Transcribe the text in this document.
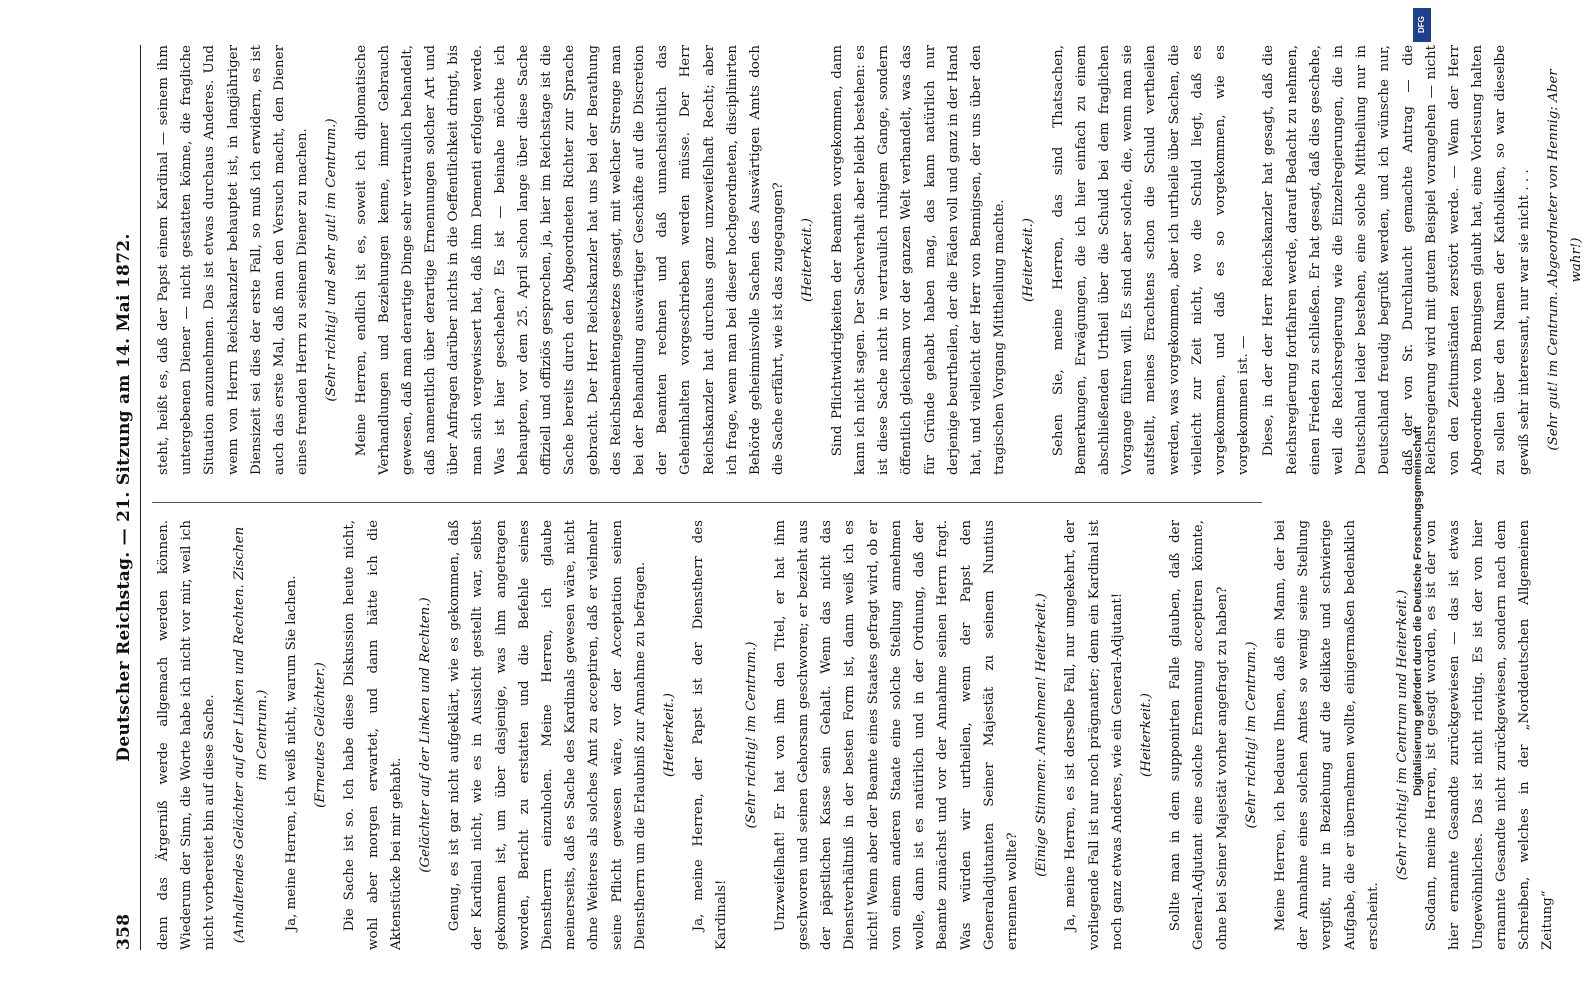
358
Deutscher Reichstag. — 21. Sitzung am 14. Mai 1872. denn das Ärgerniß werde allgemach werden können. Wiederum der Sinn, die Worte habe ich nicht vor mir, weil ich nicht vorbereitet bin auf diese Sache.	(Anhaltendes Gelächter auf der Linken und Rechten. Zischen im Centrum.)	Ja, meine Herren, ich weiß nicht, warum Sie lachen.	(Erneutes Gelächter.)	Die Sache ist so. Ich habe diese Diskussion heute nicht, wohl aber morgen erwartet, und dann hätte ich die Aktenstücke bei mir gehabt.	(Gelächter auf der Linken und Rechten.)	Genug, es ist gar nicht aufgeklärt, wie es gekommen, daß der Kardinal nicht, wie es in Aussicht gestellt war, selbst gekommen ist, um über dasjenige, was ihm angetragen worden, Bericht zu erstatten und die Befehle seines Dienstherrn einzuholen. Meine Herren, ich glaube meinerseits, daß es Sache des Kardinals gewesen wäre, nicht ohne Weiteres als solches Amt zu acceptiren, daß er vielmehr seine Pflicht gewesen wäre, vor der Acceptation seinen Dienstherrn um die Erlaubniß zur Annahme zu befragen.	(Heiterkeit.)	Ja, meine Herren, der Papst ist der Dienstherr des Kardinals!

(Sehr richtig! im Centrum.)	Unzweifelhaft! Er hat von ihm den Titel, er hat ihm geschworen und seinen Gehorsam geschworen; er bezieht aus der päpstlichen Kasse sein Gehalt. Wenn das nicht das Dienstverhältniß in der besten Form ist, dann weiß ich es nicht! Wenn aber der Beamte eines Staates gefragt wird, ob er von einem anderen Staate eine solche Stellung annehmen wolle, dann ist es natürlich und in der Ordnung, daß der Beamte zunächst und vor der Annahme seinen Herrn fragt. Was würden wir urtheilen, wenn der Papst den Generaladjutanten Seiner Majestät zu seinem Nuntius ernennen wollte?

(Einige Stimmen: Annehmen! Heiterkeit.)	Ja, meine Herren, es ist derselbe Fall, nur umgekehrt, der vorliegende Fall ist nur noch prägnanter; denn ein Kardinal ist noch ganz etwas Anderes, wie ein General-Adjutant!	(Heiterkeit.)	Sollte man in dem supponirten Falle glauben, daß der General-Adjutant eine solche Ernennung acceptiren könnte, ohne bei Seiner Majestät vorher angefragt zu haben?	(Sehr richtig! im Centrum.)	Meine Herren, ich bedaure Ihnen, daß ein Mann, der bei der Annahme eines solchen Amtes so wenig seine Stellung vergißt, nur in Beziehung auf die delikate und schwierige Aufgabe, die er übernehmen wollte, einigermaßen bedenklich erscheint.

(Sehr richtig! im Centrum und Heiterkeit.)	Sodann, meine Herren, ist gesagt worden, es ist der von hier ernannte Gesandte zurückgewiesen — das ist etwas Ungewöhnliches. Das ist nicht richtig. Es ist der von hier ernannte Gesandte nicht zurückgewiesen, sondern nach dem Schreiben, welches in der „Norddeutschen Allgemeinen Zeitung“

steht, heißt es, daß der Papst einem Kardinal — seinem ihm untergebenen Diener — nicht gestatten könne, die fragliche Situation anzunehmen. Das ist etwas durchaus Anderes. Und wenn von Herrn Reichskanzler behauptet ist, in langjähriger Diensizeit sei dies der erste Fall, so muß ich erwidern, es ist auch das erste Mal, daß man den Versuch macht, den Diener eines fremden Herrn zu seinem Diener zu machen.	(Sehr richtig! und sehr gut! im Centrum.)	Meine Herren, endlich ist es, soweit ich diplomatische Verhandlungen und Beziehungen kenne, immer Gebrauch gewesen, daß man derartige Dinge sehr vertraulich behandelt, daß namentlich über derartige Ernennungen solcher Art und über Anfragen darüber nichts in die Oeffentlichkeit dringt, bis man sich vergewissert hat, daß ihm Dementi erfolgen werde. Was ist hier geschehen? Es ist — beinahe möchte ich behaupten, vor dem 25. April schon lange über diese Sache offiziell und offiziös gesprochen, ja, hier im Reichstage ist die Sache bereits durch den Abgeordneten Richter zur Sprache gebracht. Der Herr Reichskanzler hat uns bei der Berathung des Reichsbeamtengesetzes gesagt, mit welcher Strenge man bei der Behandlung auswärtiger Geschäfte auf die Discretion der Beamten rechnen und daß unnachsichtlich das Geheimhalten vorgeschrieben werden müsse. Der Herr Reichskanzler hat durchaus ganz unzweifelhaft Recht; aber ich frage, wenn man bei dieser hochgeordneten, disciplinirten Behörde geheimnisvolle Sachen des Auswärtigen Amts doch die Sache erfährt, wie ist das zugegangen?	(Heiterkeit.)	Sind Pflichtwidrigkeiten der Beamten vorgekommen, dann kann ich nicht sagen. Der Sachverhalt aber bleibt bestehen: es ist diese Sache nicht in vertraulich ruhigem Gange, sondern öffentlich gleichsam vor der ganzen Welt verhandelt, was das für Gründe gehabt haben mag, das kann natürlich nur derjenige beurtheilen, der die Fäden voll und ganz in der Hand hat, und vielleicht der Herr von Bennigsen, der uns über den tragischen Vorgang Mittheilung machte.	(Heiterkeit.)	Sehen Sie, meine Herren, das sind Thatsachen, Bemerkungen, Erwägungen, die ich hier einfach zu einem abschließenden Urtheil über die Schuld bei dem fraglichen Vorgange führen will. Es sind aber solche, die, wenn man sie aufstellt, meines Erachtens schon die Schuld vertheilen werden, was vorgekommen, aber ich urtheile über Sachen, die vielleicht zur Zeit nicht, wo die Schuld liegt, daß es vorgekommen, und daß es so vorgekommen, wie es vorgekommen ist. — Diese, in der der Herr Reichskanzler hat gesagt, daß die Reichsregierung fortfahren werde, darauf Bedacht zu nehmen, einen Frieden zu schließen. Er hat gesagt, daß dies geschehe, weil die Reichsregierung wie die Einzelregierungen, die in Deutschland leider bestehen, eine solche Mittheilung nur in Deutschland freudig begrüßt werden, und ich wünsche nur, daß der von Sr. Durchlaucht gemachte Antrag — die Reichsregierung wird mit gutem Beispiel vorangehen — nicht von den Zeitumständen zerstört werde. — Wenn der Herr Abgeordnete von Bennigsen glaubt hat, eine Vorlesung halten zu sollen über den Namen der Katholiken, so war dieselbe gewiß sehr interessant, nur war sie nicht . . .	(Sehr gut! im Centrum. Abgeordneter von Hennig: Aber wahr!)

DFG
Digitalisierung gefördert durch die Deutsche Forschungsgemeinschaft
